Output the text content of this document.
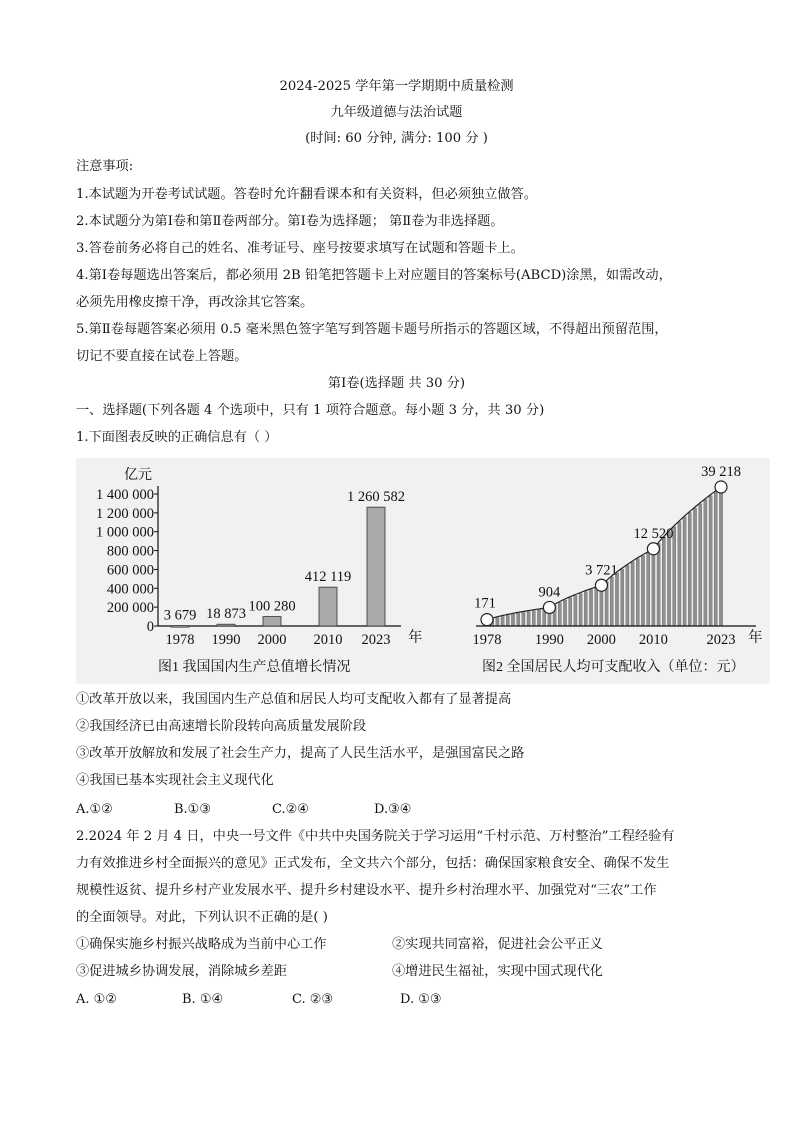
2024-2025 学年第一学期期中质量检测
九年级道德与法治试题
(时间: 60 分钟, 满分: 100 分 )
注意事项:
1.本试题为开卷考试试题。答卷时允许翻看课本和有关资料，但必须独立做答。
2.本试题分为第Ⅰ卷和第Ⅱ卷两部分。第Ⅰ卷为选择题； 第Ⅱ卷为非选择题。
3.答卷前务必将自己的姓名、准考证号、座号按要求填写在试题和答题卡上。
4.第Ⅰ卷每题选出答案后，都必须用 2B 铅笔把答题卡上对应题目的答案标号(ABCD)涂黑，如需改动，
必须先用橡皮擦干净，再改涂其它答案。
5.第Ⅱ卷每题答案必须用 0.5 毫米黑色签字笔写到答题卡题号所指示的答题区域，不得超出预留范围，
切记不要直接在试卷上答题。
第Ⅰ卷(选择题 共 30 分)
一、选择题(下列各题 4 个选项中，只有 1 项符合题意。每小题 3 分，共 30 分)
1.下面图表反映的正确信息有（ ）
亿元
0
200 000
400 000
600 000
800 000
1 000 000
1 200 000
1 400 000
3 679
1978
18 873
1990
100 280
2000
412 119
2010
1 260 582
2023 年
图1 我国国内生产总值增长情况
171
1978
904
1990
3 721
2000
12 520
2010
39 218
2023 年
图2 全国居民人均可支配收入（单位：元）
①改革开放以来，我国国内生产总值和居民人均可支配收入都有了显著提高
②我国经济已由高速增长阶段转向高质量发展阶段
③改革开放解放和发展了社会生产力，提高了人民生活水平，是强国富民之路
④我国已基本实现社会主义现代化
A.①②	B.①③	C.②④	D.③④
2.2024 年 2 月 4 日，中央一号文件《中共中央国务院关于学习运用“千村示范、万村整治”工程经验有
力有效推进乡村全面振兴的意见》正式发布，全文共六个部分，包括：确保国家粮食安全、确保不发生
规模性返贫、提升乡村产业发展水平、提升乡村建设水平、提升乡村治理水平、加强党对“三农”工作
的全面领导。对此，下列认识不正确的是( )
①确保实施乡村振兴战略成为当前中心工作	②实现共同富裕，促进社会公平正义
③促进城乡协调发展，消除城乡差距	④增进民生福祉，实现中国式现代化
A. ①②	B. ①④	C. ②③	D. ①③
